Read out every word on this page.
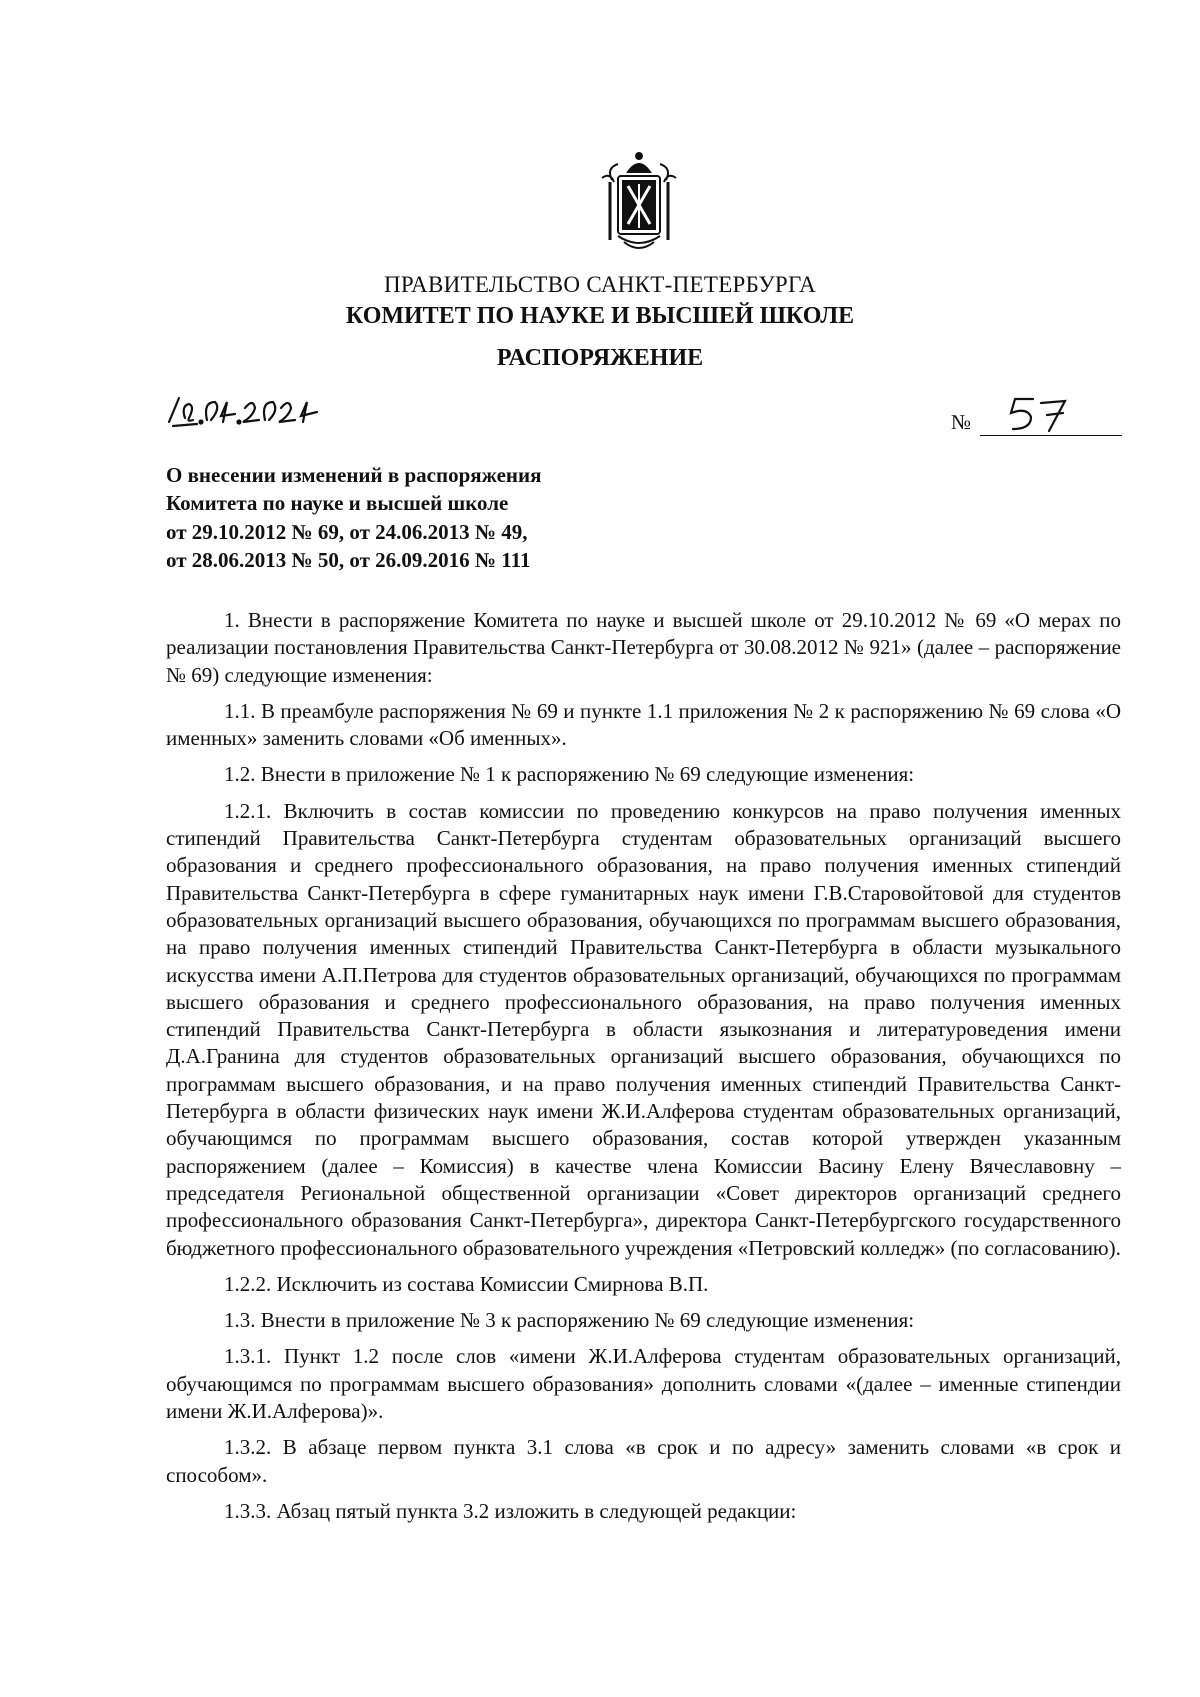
ПРАВИТЕЛЬСТВО САНКТ-ПЕТЕРБУРГА
КОМИТЕТ ПО НАУКЕ И ВЫСШЕЙ ШКОЛЕ
РАСПОРЯЖЕНИЕ
№
О внесении изменений в распоряжения
Комитета по науке и высшей школе
от 29.10.2012 № 69, от 24.06.2013 № 49,
от 28.06.2013 № 50, от 26.09.2016 № 111

1. Внести в распоряжение Комитета по науке и высшей школе от 29.10.2012 № 69 «О мерах по реализации постановления Правительства Санкт-Петербурга от 30.08.2012 № 921» (далее – распоряжение № 69) следующие изменения:

1.1. В преамбуле распоряжения № 69 и пункте 1.1 приложения № 2 к распоряжению № 69 слова «О именных» заменить словами «Об именных».

1.2. Внести в приложение № 1 к распоряжению № 69 следующие изменения:

1.2.1. Включить в состав комиссии по проведению конкурсов на право получения именных стипендий Правительства Санкт-Петербурга студентам образовательных организаций высшего образования и среднего профессионального образования, на право получения именных стипендий Правительства Санкт-Петербурга в сфере гуманитарных наук имени Г.В.Старовойтовой для студентов образовательных организаций высшего образования, обучающихся по программам высшего образования, на право получения именных стипендий Правительства Санкт-Петербурга в области музыкального искусства имени А.П.Петрова для студентов образовательных организаций, обучающихся по программам высшего образования и среднего профессионального образования, на право получения именных стипендий Правительства Санкт-Петербурга в области языкознания и литературоведения имени Д.А.Гранина для студентов образовательных организаций высшего образования, обучающихся по программам высшего образования, и на право получения именных стипендий Правительства Санкт-Петербурга в области физических наук имени Ж.И.Алферова студентам образовательных организаций, обучающимся по программам высшего образования, состав которой утвержден указанным распоряжением (далее – Комиссия) в качестве члена Комиссии Васину Елену Вячеславовну – председателя Региональной общественной организации «Совет директоров организаций среднего профессионального образования Санкт-Петербурга», директора Санкт-Петербургского государственного бюджетного профессионального образовательного учреждения «Петровский колледж» (по согласованию).

1.2.2. Исключить из состава Комиссии Смирнова В.П.

1.3. Внести в приложение № 3 к распоряжению № 69 следующие изменения:

1.3.1. Пункт 1.2 после слов «имени Ж.И.Алферова студентам образовательных организаций, обучающимся по программам высшего образования» дополнить словами «(далее – именные стипендии имени Ж.И.Алферова)».

1.3.2. В абзаце первом пункта 3.1 слова «в срок и по адресу» заменить словами «в срок и способом».

1.3.3. Абзац пятый пункта 3.2 изложить в следующей редакции:
